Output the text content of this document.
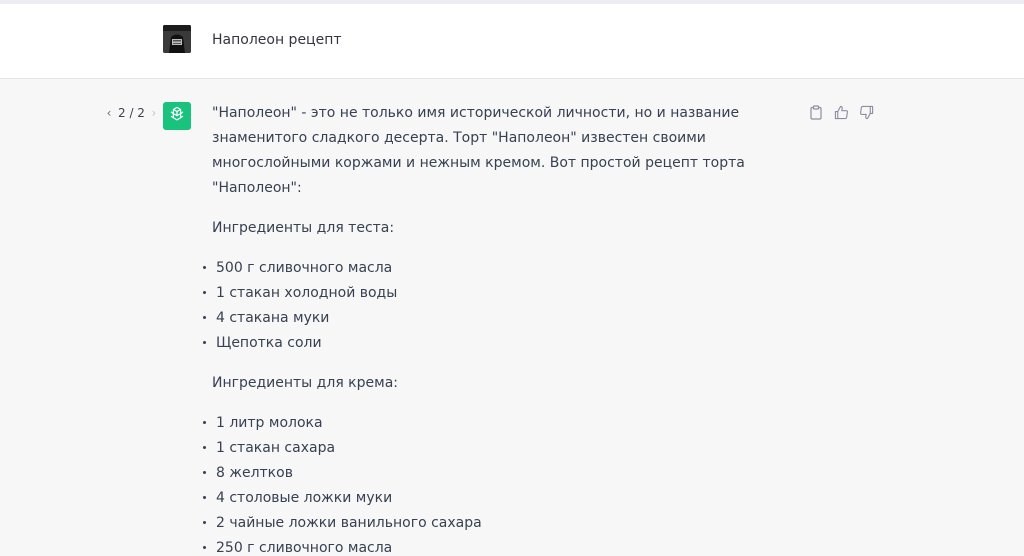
Наполеон рецепт
‹ 2 / 2 ›	"Наполеон" - это не только имя исторической личности, но и название знаменитого сладкого десерта. Торт "Наполеон" известен своими многослойными коржами и нежным кремом. Вот простой рецепт торта "Наполеон":

Ингредиенты для теста:

500 г сливочного масла
1 стакан холодной воды
4 стакана муки
Щепотка соли

Ингредиенты для крема:

1 литр молока
1 стакан сахара
8 желтков
4 столовые ложки муки
2 чайные ложки ванильного сахара
250 г сливочного масла
